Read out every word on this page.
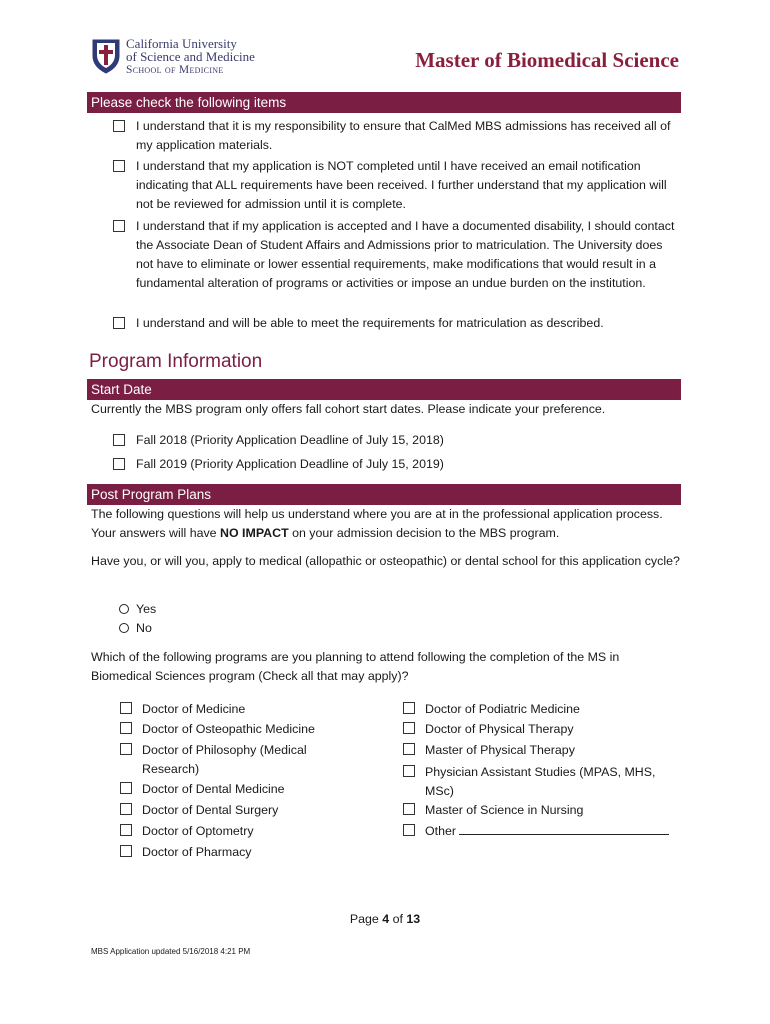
California University
of Science and Medicine
School of Medicine	Master of Biomedical Science
Please check the following items
I understand that it is my responsibility to ensure that CalMed MBS admissions has received all of my application materials.
I understand that my application is NOT completed until I have received an email notification indicating that ALL requirements have been received. I further understand that my application will not be reviewed for admission until it is complete.
I understand that if my application is accepted and I have a documented disability, I should contact the Associate Dean of Student Affairs and Admissions prior to matriculation. The University does not have to eliminate or lower essential requirements, make modifications that would result in a fundamental alteration of programs or activities or impose an undue burden on the institution.
I understand and will be able to meet the requirements for matriculation as described.
Program Information
Start Date
Currently the MBS program only offers fall cohort start dates. Please indicate your preference.
Fall 2018 (Priority Application Deadline of July 15, 2018)
Fall 2019 (Priority Application Deadline of July 15, 2019)
Post Program Plans
The following questions will help us understand where you are at in the professional application process. Your answers will have NO IMPACT on your admission decision to the MBS program.
Have you, or will you, apply to medical (allopathic or osteopathic) or dental school for this application cycle?
Yes
No
Which of the following programs are you planning to attend following the completion of the MS in Biomedical Sciences program (Check all that may apply)?
Doctor of Medicine
Doctor of Osteopathic Medicine
Doctor of Philosophy (Medical Research)
Doctor of Dental Medicine
Doctor of Dental Surgery
Doctor of Optometry
Doctor of Pharmacy
Doctor of Podiatric Medicine
Doctor of Physical Therapy
Master of Physical Therapy
Physician Assistant Studies (MPAS, MHS, MSc)
Master of Science in Nursing
Other
Page 4 of 13
MBS Application updated 5/16/2018 4:21 PM
